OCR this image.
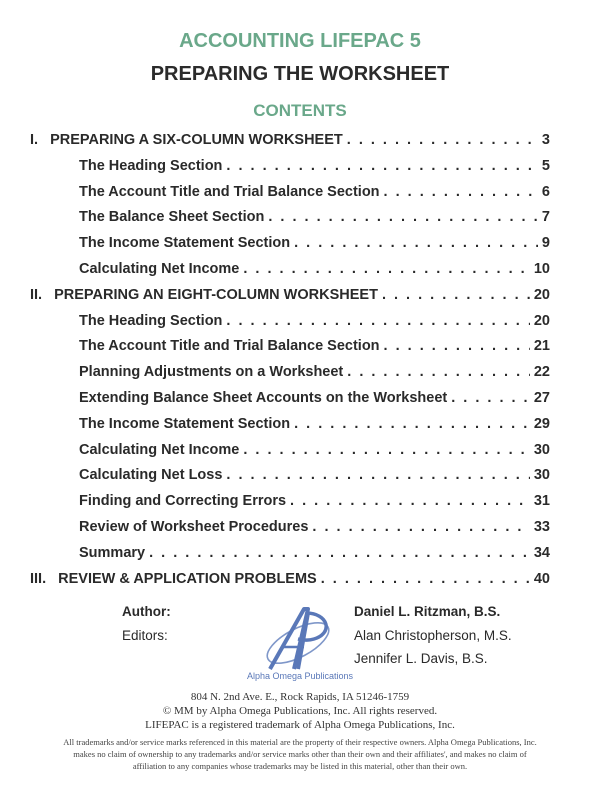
ACCOUNTING LIFEPAC 5
PREPARING THE WORKSHEET
CONTENTS
I. PREPARING A SIX-COLUMN WORKSHEET . . .	3
The Heading Section . . .	5
The Account Title and Trial Balance Section . . .	6
The Balance Sheet Section . . .	7
The Income Statement Section . . .	9
Calculating Net Income . . .	10
II. PREPARING AN EIGHT-COLUMN WORKSHEET . . .	20
The Heading Section . . .	20
The Account Title and Trial Balance Section . . .	21
Planning Adjustments on a Worksheet . . .	22
Extending Balance Sheet Accounts on the Worksheet . . .	27
The Income Statement Section . . .	29
Calculating Net Income . . .	30
Calculating Net Loss . . .	30
Finding and Correcting Errors . . .	31
Review of Worksheet Procedures . . .	33
Summary . . .	34
III. REVIEW & APPLICATION PROBLEMS . . .	40
Author:
Editors:
Daniel L. Ritzman, B.S.
Alan Christopherson, M.S.
Jennifer L. Davis, B.S.
Alpha Omega Publications
804 N. 2nd Ave. E., Rock Rapids, IA 51246-1759
© MM by Alpha Omega Publications, Inc. All rights reserved.
LIFEPAC is a registered trademark of Alpha Omega Publications, Inc.
All trademarks and/or service marks referenced in this material are the property of their respective owners. Alpha Omega Publications, Inc.
makes no claim of ownership to any trademarks and/or service marks other than their own and their affiliates', and makes no claim of
affiliation to any companies whose trademarks may be listed in this material, other than their own.
